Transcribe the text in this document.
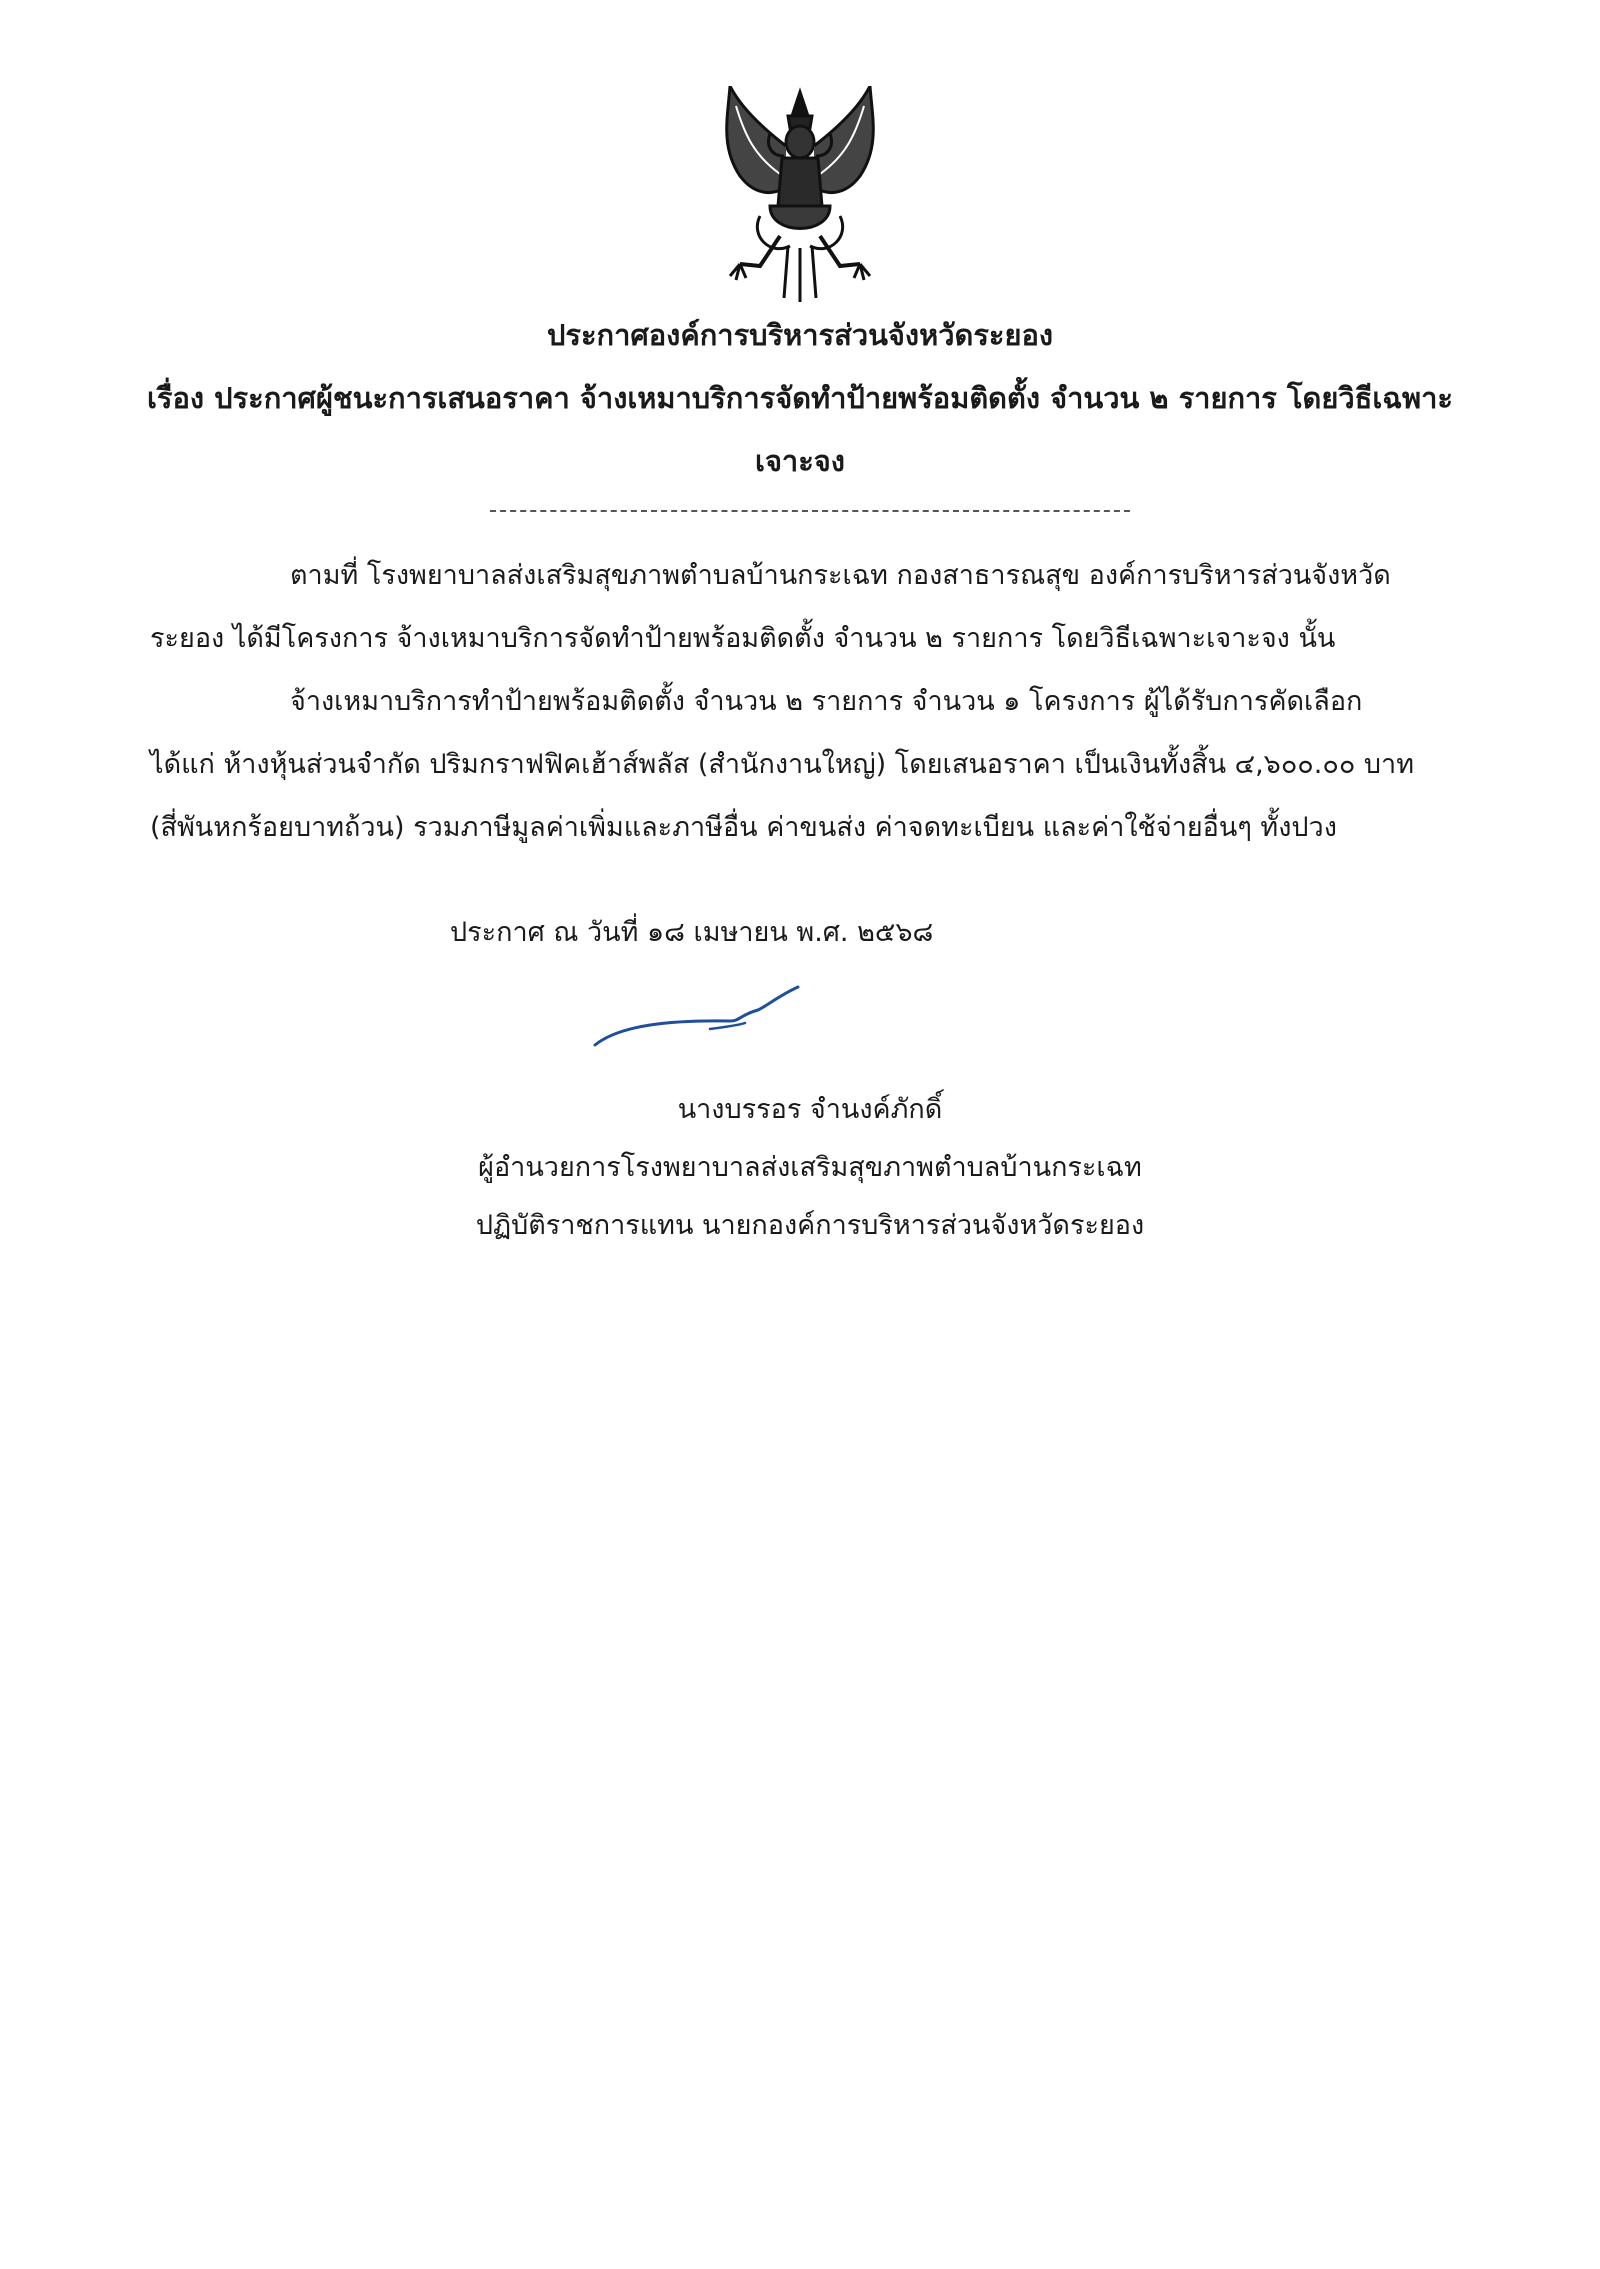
ประกาศองค์การบริหารส่วนจังหวัดระยอง
เรื่อง ประกาศผู้ชนะการเสนอราคา จ้างเหมาบริการจัดทำป้ายพร้อมติดตั้ง จำนวน ๒ รายการ โดยวิธีเฉพาะ
เจาะจง
ตามที่ โรงพยาบาลส่งเสริมสุขภาพตำบลบ้านกระเฉท กองสาธารณสุข องค์การบริหารส่วนจังหวัด
ระยอง ได้มีโครงการ จ้างเหมาบริการจัดทำป้ายพร้อมติดตั้ง จำนวน ๒ รายการ โดยวิธีเฉพาะเจาะจง นั้น
จ้างเหมาบริการทำป้ายพร้อมติดตั้ง จำนวน ๒ รายการ จำนวน ๑ โครงการ ผู้ได้รับการคัดเลือก
ได้แก่ ห้างหุ้นส่วนจำกัด ปริมกราฟฟิคเฮ้าส์พลัส (สำนักงานใหญ่) โดยเสนอราคา เป็นเงินทั้งสิ้น ๔,๖๐๐.๐๐ บาท
(สี่พันหกร้อยบาทถ้วน) รวมภาษีมูลค่าเพิ่มและภาษีอื่น ค่าขนส่ง ค่าจดทะเบียน และค่าใช้จ่ายอื่นๆ ทั้งปวง
ประกาศ ณ วันที่ ๑๘ เมษายน พ.ศ. ๒๕๖๘
นางบรรอร จำนงค์ภักดิ์
ผู้อำนวยการโรงพยาบาลส่งเสริมสุขภาพตำบลบ้านกระเฉท
ปฏิบัติราชการแทน นายกองค์การบริหารส่วนจังหวัดระยอง
